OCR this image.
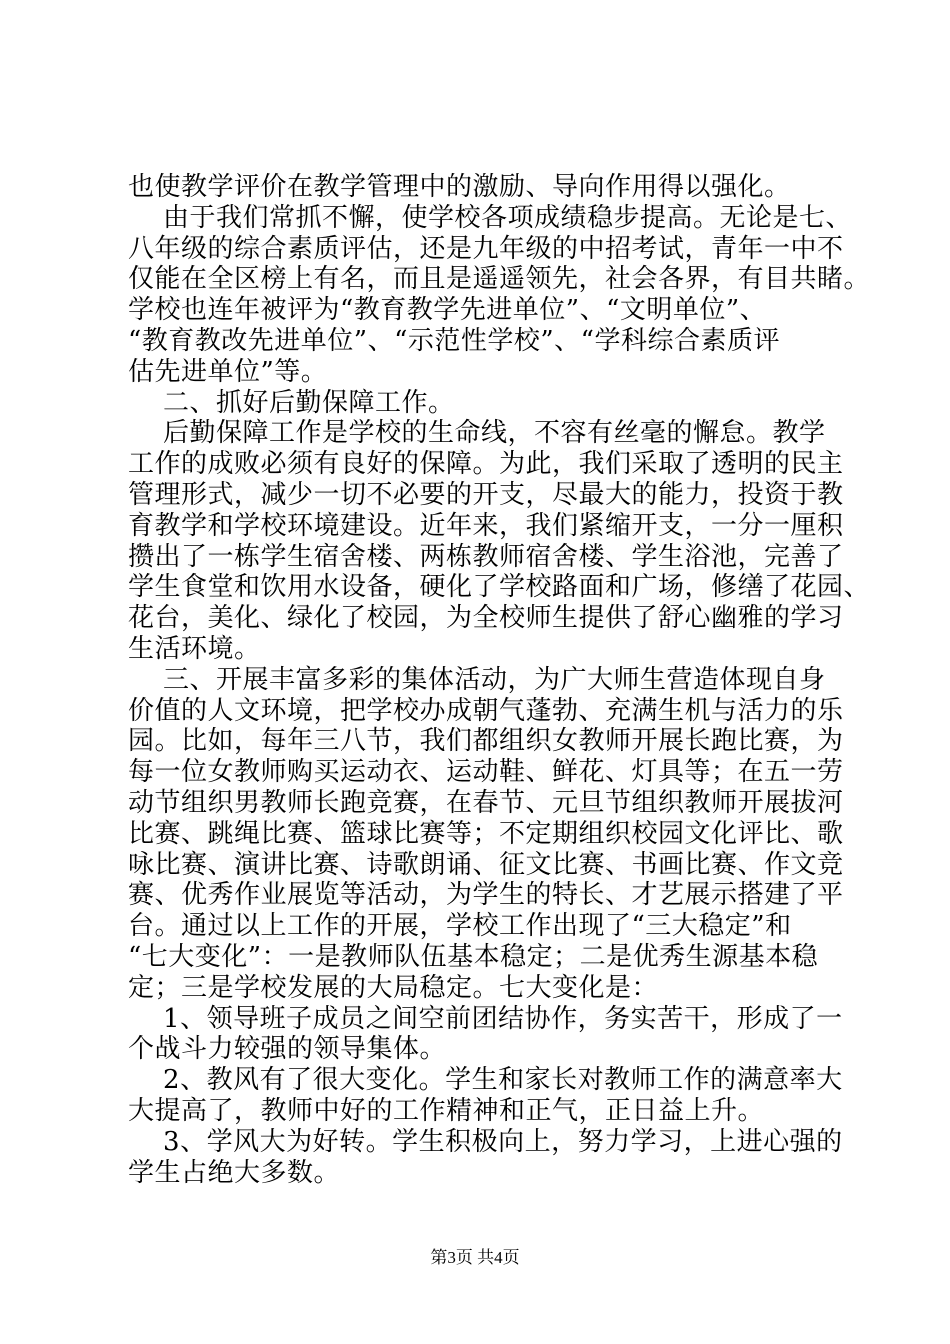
也使教学评价在教学管理中的激励、导向作用得以强化。
由于我们常抓不懈，使学校各项成绩稳步提高。无论是七、
八年级的综合素质评估，还是九年级的中招考试，青年一中不
仅能在全区榜上有名，而且是遥遥领先，社会各界，有目共睹。
学校也连年被评为“教育教学先进单位”、“文明单位”、
“教育教改先进单位”、“示范性学校”、“学科综合素质评
估先进单位”等。
二、抓好后勤保障工作。
后勤保障工作是学校的生命线，不容有丝毫的懈怠。教学
工作的成败必须有良好的保障。为此，我们采取了透明的民主
管理形式，减少一切不必要的开支，尽最大的能力，投资于教
育教学和学校环境建设。近年来，我们紧缩开支，一分一厘积
攒出了一栋学生宿舍楼、两栋教师宿舍楼、学生浴池，完善了
学生食堂和饮用水设备，硬化了学校路面和广场，修缮了花园、
花台，美化、绿化了校园，为全校师生提供了舒心幽雅的学习
生活环境。
三、开展丰富多彩的集体活动，为广大师生营造体现自身
价值的人文环境，把学校办成朝气蓬勃、充满生机与活力的乐
园。比如，每年三八节，我们都组织女教师开展长跑比赛，为
每一位女教师购买运动衣、运动鞋、鲜花、灯具等；在五一劳
动节组织男教师长跑竞赛，在春节、元旦节组织教师开展拔河
比赛、跳绳比赛、篮球比赛等；不定期组织校园文化评比、歌
咏比赛、演讲比赛、诗歌朗诵、征文比赛、书画比赛、作文竞
赛、优秀作业展览等活动，为学生的特长、才艺展示搭建了平
台。通过以上工作的开展，学校工作出现了“三大稳定”和
“七大变化”：一是教师队伍基本稳定；二是优秀生源基本稳
定；三是学校发展的大局稳定。七大变化是：
1、领导班子成员之间空前团结协作，务实苦干，形成了一
个战斗力较强的领导集体。
2、教风有了很大变化。学生和家长对教师工作的满意率大
大提高了，教师中好的工作精神和正气，正日益上升。
3、学风大为好转。学生积极向上，努力学习，上进心强的
学生占绝大多数。
第3页 共4页
